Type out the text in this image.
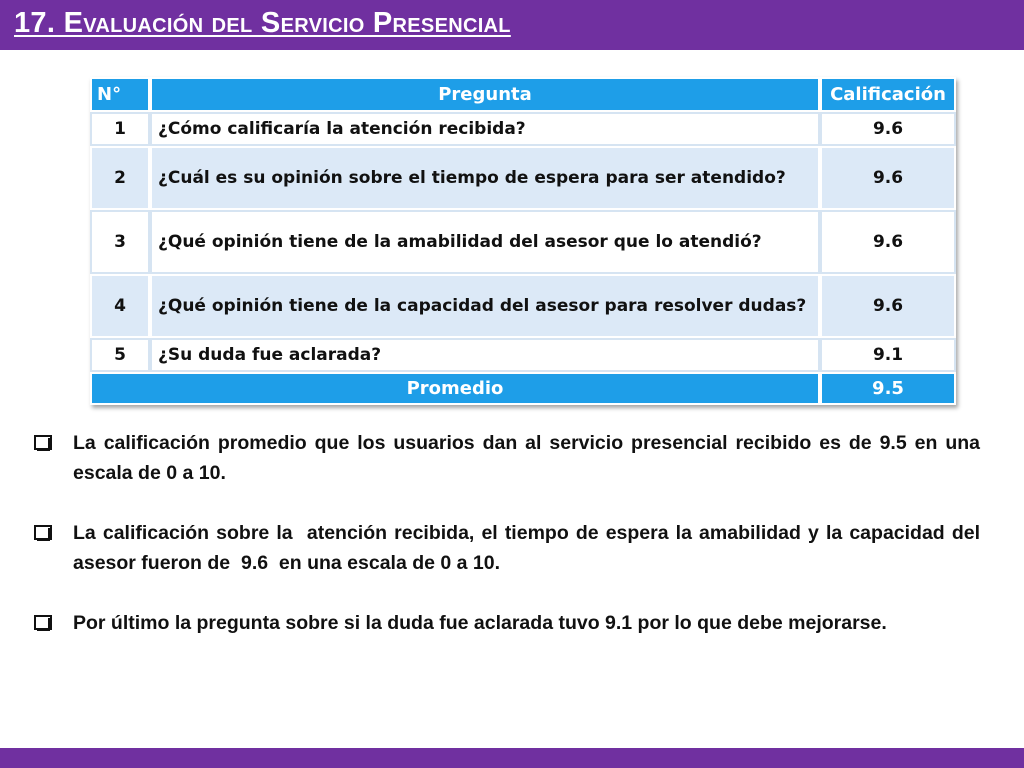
17. Evaluación del Servicio Presencial
N°	Pregunta	Calificación
1	¿Cómo calificaría la atención recibida?	9.6
2	¿Cuál es su opinión sobre el tiempo de espera para ser atendido?	9.6
3	¿Qué opinión tiene de la amabilidad del asesor que lo atendió?	9.6
4	¿Qué opinión tiene de la capacidad del asesor para resolver dudas?	9.6
5	¿Su duda fue aclarada?	9.1
Promedio		9.5
La calificación promedio que los usuarios dan al servicio presencial recibido es de 9.5 en una escala de 0 a 10.
La calificación sobre la  atención recibida, el tiempo de espera la amabilidad y la capacidad del asesor fueron de  9.6  en una escala de 0 a 10.
Por último la pregunta sobre si la duda fue aclarada tuvo 9.1 por lo que debe mejorarse.
